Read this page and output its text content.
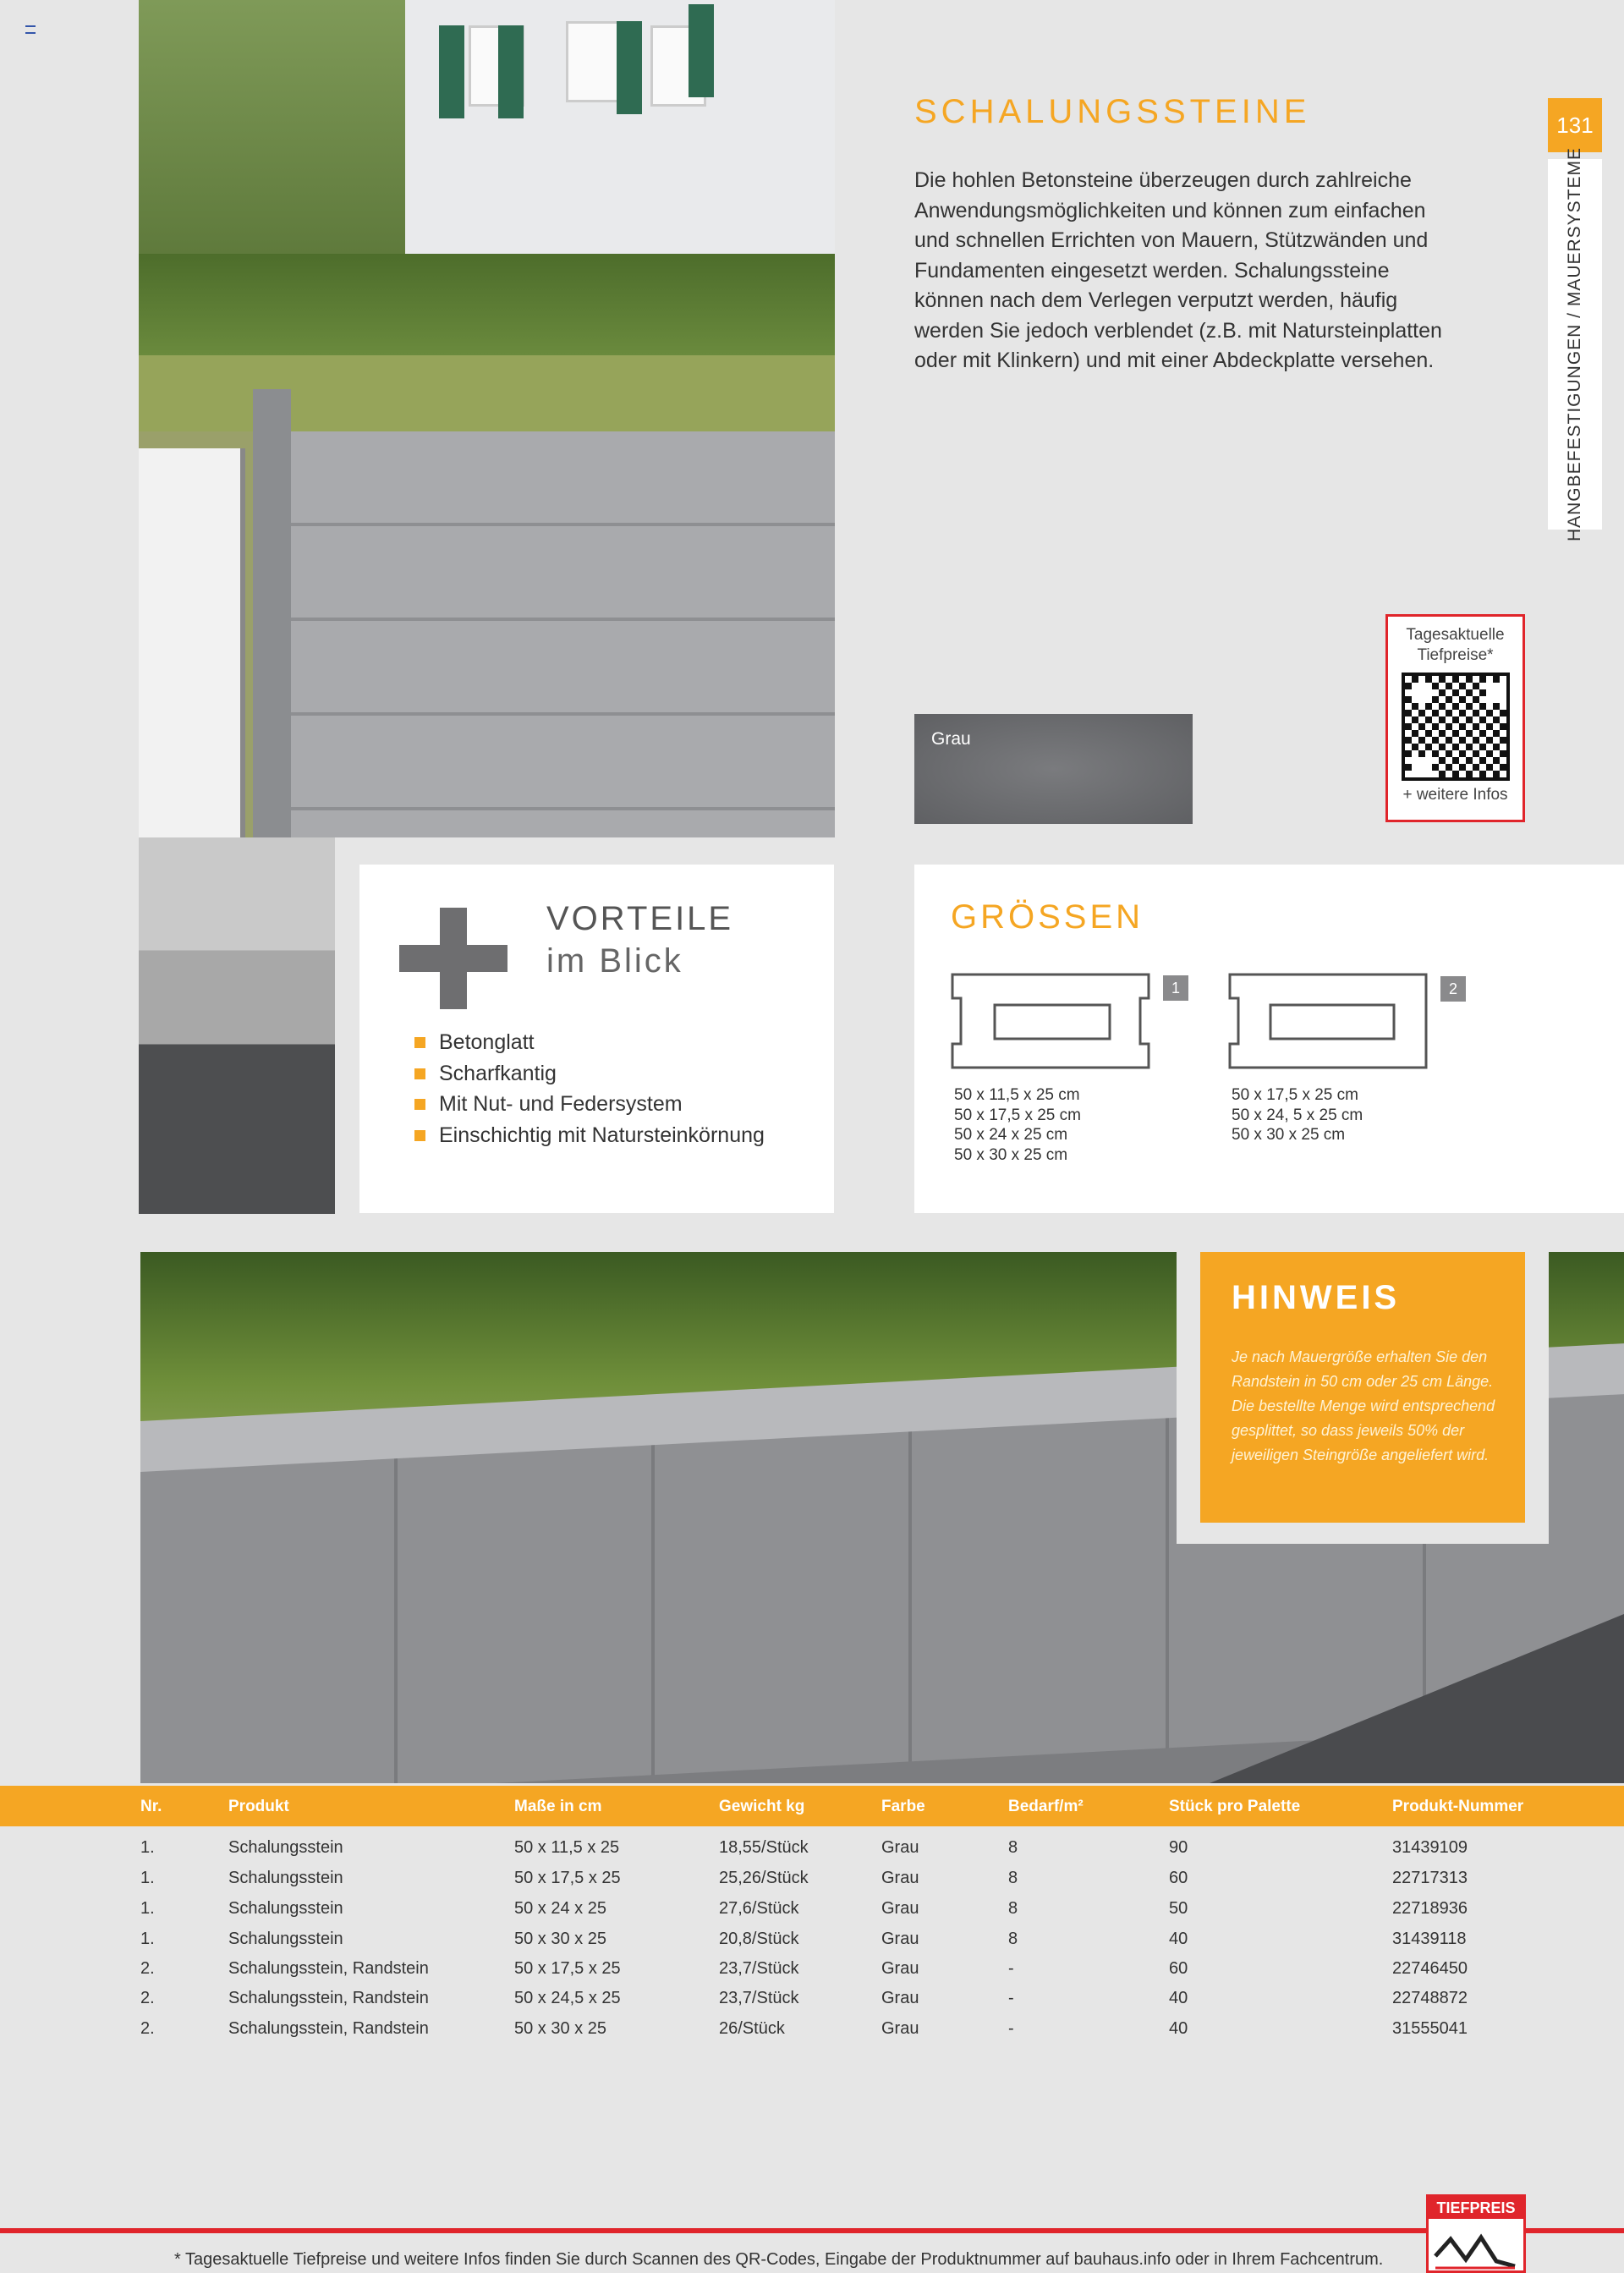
SCHALUNGSSTEINE
Die hohlen Betonsteine überzeugen durch zahlreiche Anwendungsmöglichkeiten und können zum einfachen und schnellen Errichten von Mauern, Stützwänden und Fundamenten eingesetzt werden. Schalungssteine können nach dem Verlegen verputzt werden, häufig werden Sie jedoch verblendet (z.B. mit Natursteinplatten oder mit Klinkern) und mit einer Abdeckplatte versehen.
131
HANGBEFESTIGUNGEN / MAUERSYSTEME
Tagesaktuelle Tiefpreise*
+ weitere Infos
Grau
VORTEILE
im Blick
Betonglatt
Scharfkantig
Mit Nut- und Federsystem
Einschichtig mit Natursteinkörnung
GRÖSSEN
1
50 x 11,5 x 25 cm
50 x 17,5 x 25 cm
50 x 24 x 25 cm
50 x 30 x 25 cm
2
50 x 17,5 x 25 cm
50 x 24, 5 x 25 cm
50 x 30 x 25 cm
HINWEIS
Je nach Mauergröße erhalten Sie den Randstein in 50 cm oder 25 cm Länge. Die bestellte Menge wird entsprechend gesplittet, so dass jeweils 50% der jeweiligen Steingröße angeliefert wird.
Nr.	Produkt	Maße in cm	Gewicht kg	Farbe	Bedarf/m²	Stück pro Palette	Produkt-Nummer
1.	Schalungsstein	50 x 11,5 x 25	18,55/Stück	Grau	8	90	31439109
1.	Schalungsstein	50 x 17,5 x 25	25,26/Stück	Grau	8	60	22717313
1.	Schalungsstein	50 x 24 x 25	27,6/Stück	Grau	8	50	22718936
1.	Schalungsstein	50 x 30 x 25	20,8/Stück	Grau	8	40	31439118
2.	Schalungsstein, Randstein	50 x 17,5 x 25	23,7/Stück	Grau	-	60	22746450
2.	Schalungsstein, Randstein	50 x 24,5 x 25	23,7/Stück	Grau	-	40	22748872
2.	Schalungsstein, Randstein	50 x 30 x 25	26/Stück	Grau	-	40	31555041
TIEFPREIS
* Tagesaktuelle Tiefpreise und weitere Infos finden Sie durch Scannen des QR-Codes, Eingabe der Produktnummer auf bauhaus.info oder in Ihrem Fachcentrum.
